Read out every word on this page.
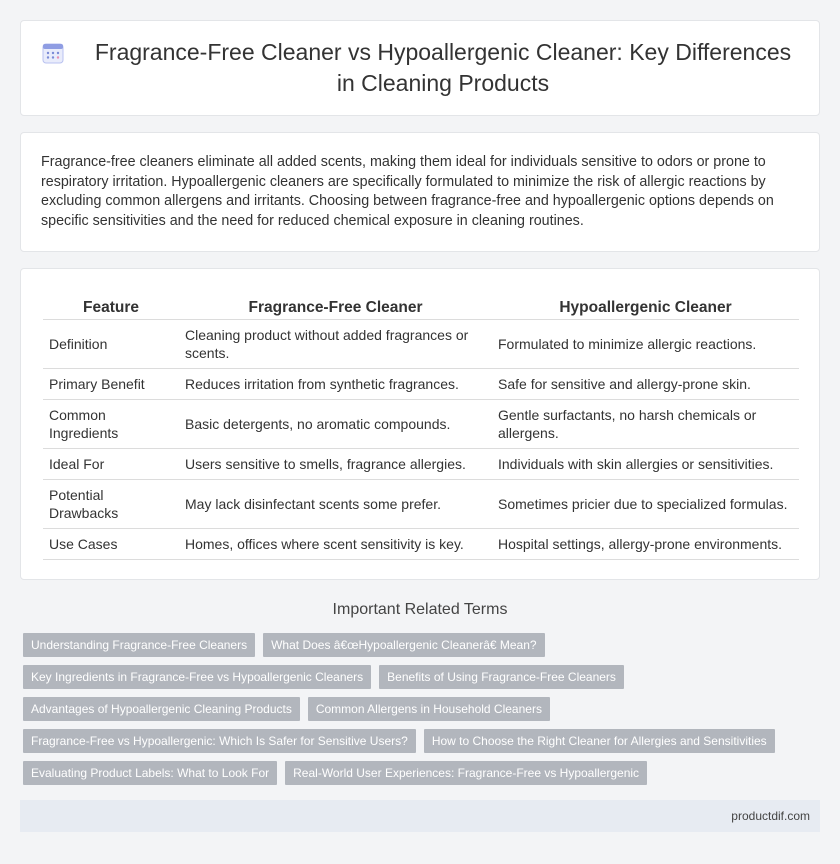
Fragrance-Free Cleaner vs Hypoallergenic Cleaner: Key Differences in Cleaning Products

Fragrance-free cleaners eliminate all added scents, making them ideal for individuals sensitive to odors or prone to respiratory irritation. Hypoallergenic cleaners are specifically formulated to minimize the risk of allergic reactions by excluding common allergens and irritants. Choosing between fragrance-free and hypoallergenic options depends on specific sensitivities and the need for reduced chemical exposure in cleaning routines.

Feature	Fragrance-Free Cleaner	Hypoallergenic Cleaner
Definition	Cleaning product without added fragrances or scents.	Formulated to minimize allergic reactions.
Primary Benefit	Reduces irritation from synthetic fragrances.	Safe for sensitive and allergy-prone skin.
Common Ingredients	Basic detergents, no aromatic compounds.	Gentle surfactants, no harsh chemicals or allergens.
Ideal For	Users sensitive to smells, fragrance allergies.	Individuals with skin allergies or sensitivities.
Potential Drawbacks	May lack disinfectant scents some prefer.	Sometimes pricier due to specialized formulas.
Use Cases	Homes, offices where scent sensitivity is key.	Hospital settings, allergy-prone environments.
Important Related Terms
Understanding Fragrance-Free Cleaners	What Does â€œHypoallergenic Cleanerâ€ Mean?
Key Ingredients in Fragrance-Free vs Hypoallergenic Cleaners	Benefits of Using Fragrance-Free Cleaners
Advantages of Hypoallergenic Cleaning Products	Common Allergens in Household Cleaners
Fragrance-Free vs Hypoallergenic: Which Is Safer for Sensitive Users?	How to Choose the Right Cleaner for Allergies and Sensitivities
Evaluating Product Labels: What to Look For	Real-World User Experiences: Fragrance-Free vs Hypoallergenic
productdif.com
